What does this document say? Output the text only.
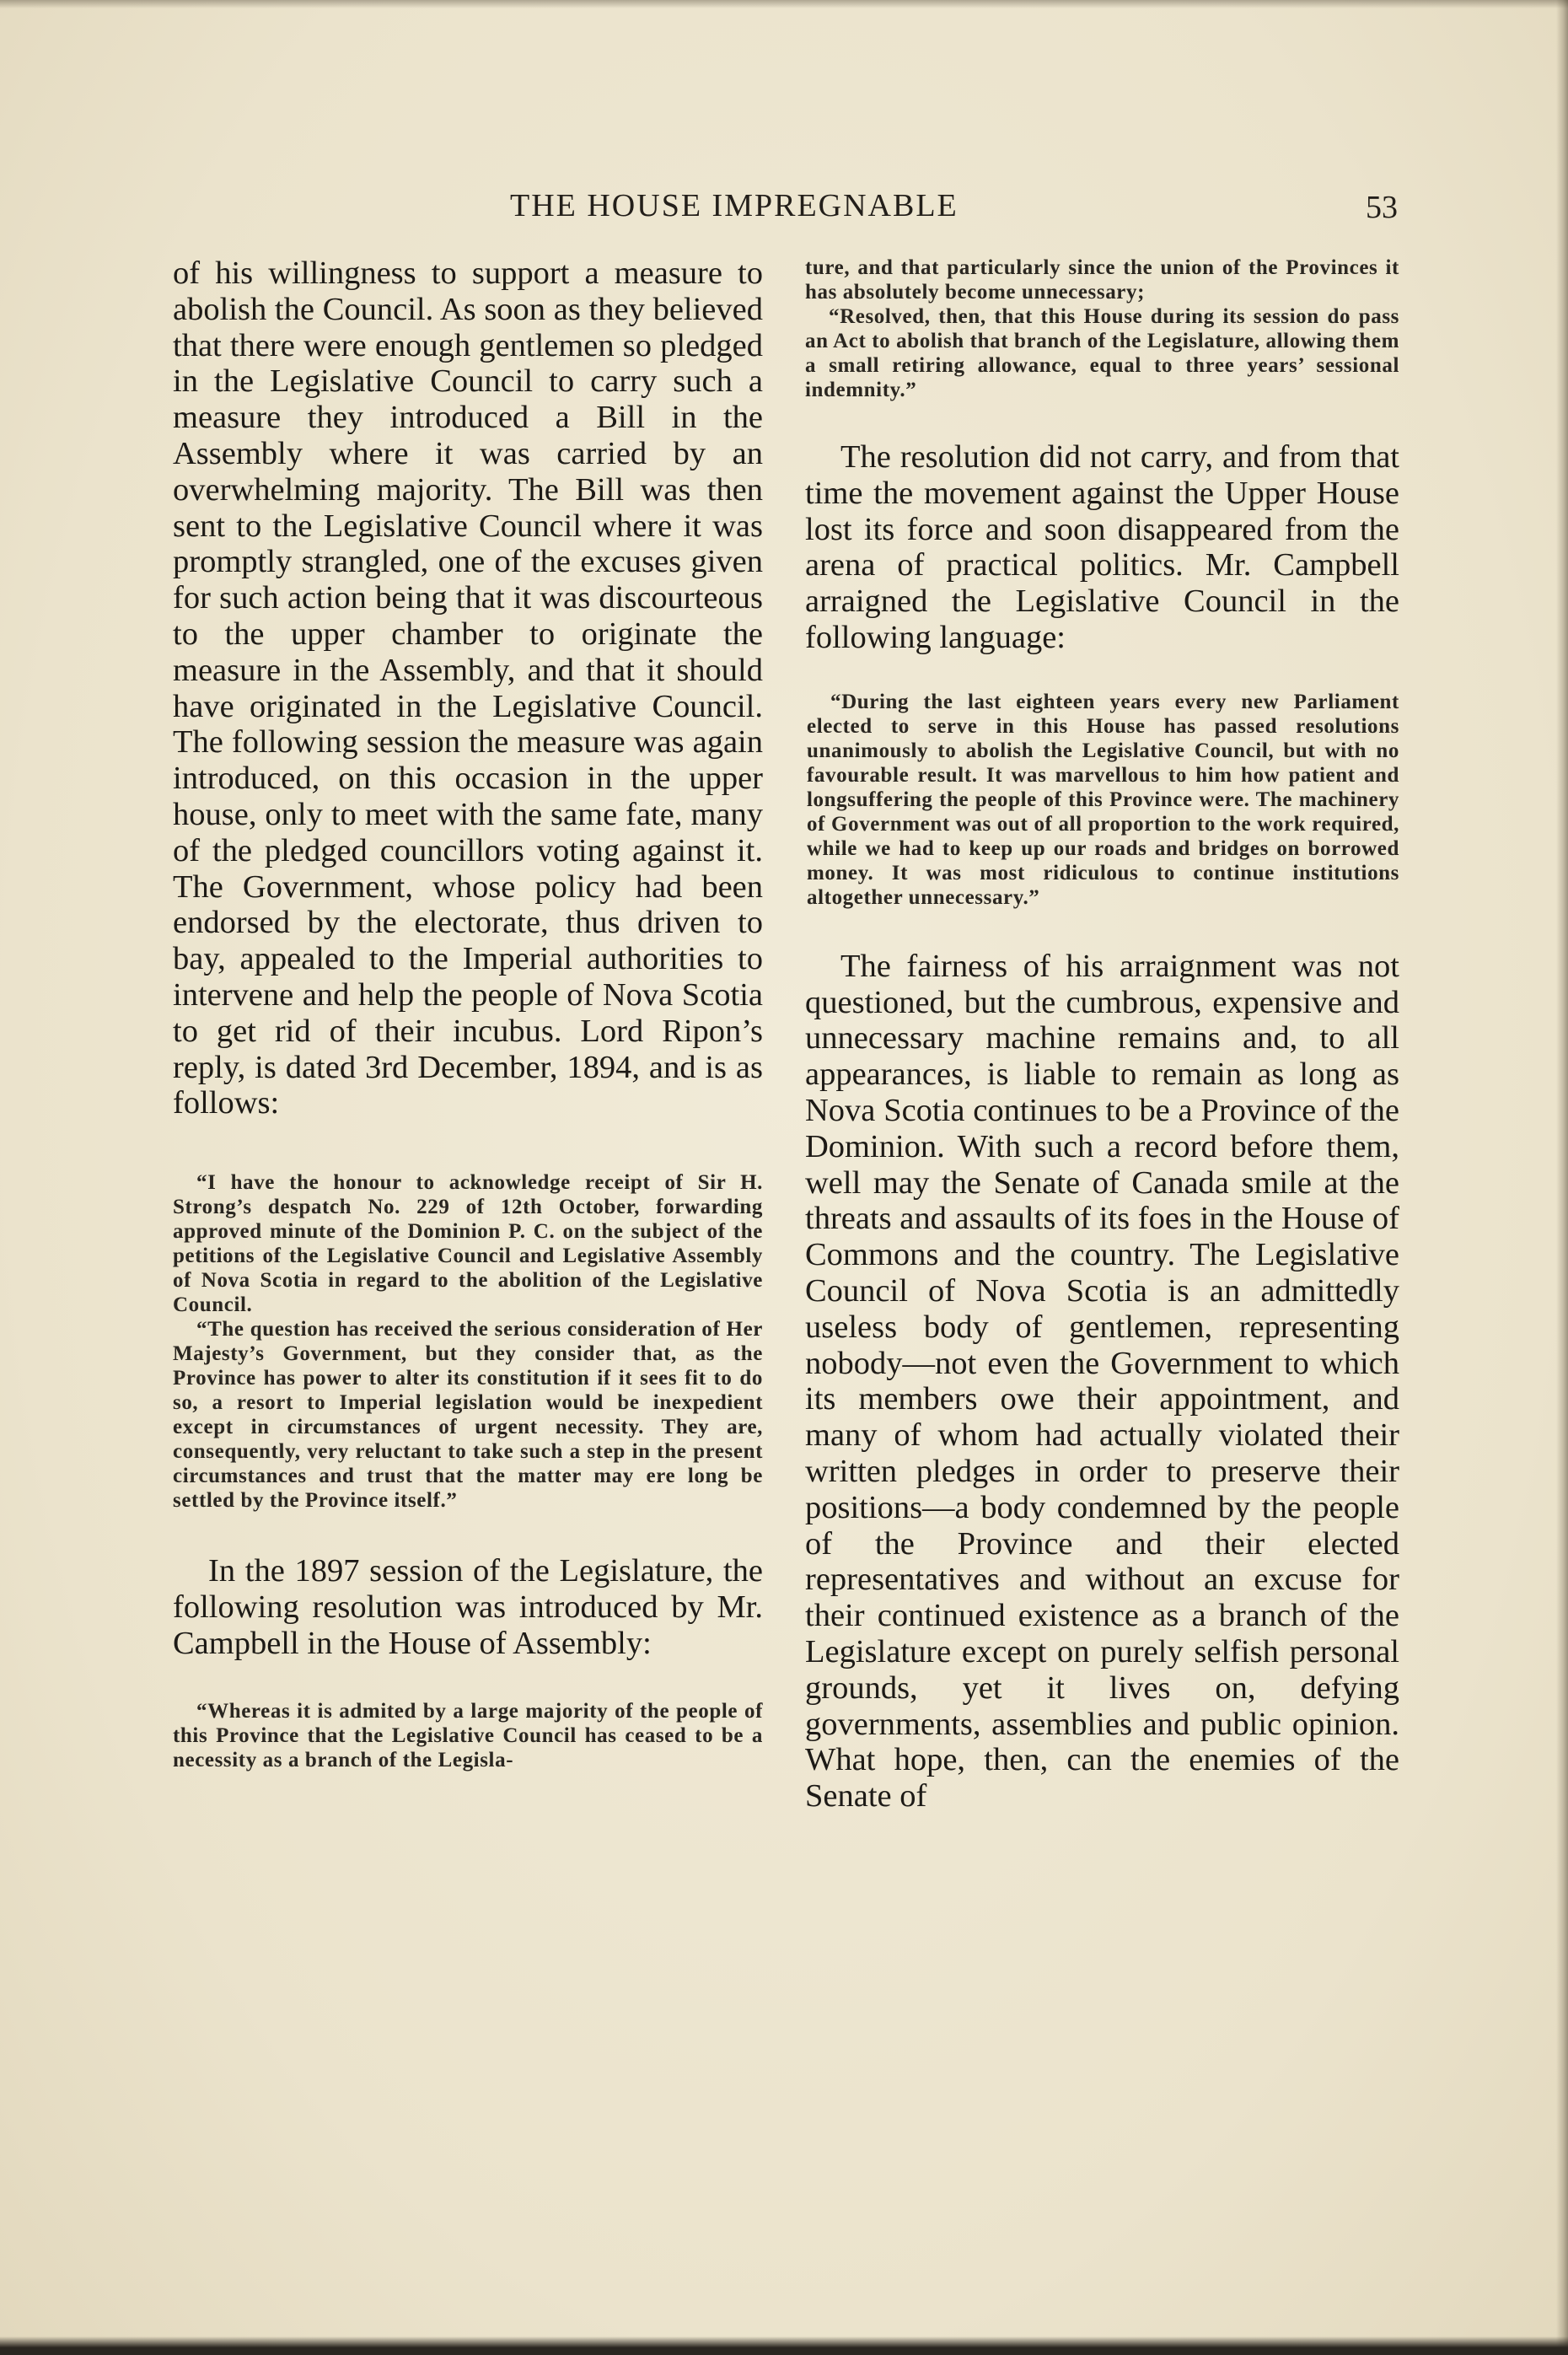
THE HOUSE IMPREGNABLE	53

of his willingness to support a measure to abolish the Council. As soon as they believed that there were enough gentlemen so pledged in the Legislative Council to carry such a measure they introduced a Bill in the Assembly where it was carried by an overwhelming majority. The Bill was then sent to the Legislative Council where it was promptly strangled, one of the excuses given for such action being that it was discourteous to the upper chamber to originate the measure in the Assembly, and that it should have originated in the Legislative Council. The following session the measure was again introduced, on this occasion in the upper house, only to meet with the same fate, many of the pledged councillors voting against it. The Government, whose policy had been endorsed by the electorate, thus driven to bay, appealed to the Imperial authorities to intervene and help the people of Nova Scotia to get rid of their incubus. Lord Ripon’s reply, is dated 3rd December, 1894, and is as follows:

“I have the honour to acknowledge receipt of Sir H. Strong’s despatch No. 229 of 12th October, forwarding approved minute of the Dominion P. C. on the subject of the petitions of the Legislative Council and Legislative Assembly of Nova Scotia in regard to the abolition of the Legislative Council.

“The question has received the serious consideration of Her Majesty’s Government, but they consider that, as the Province has power to alter its constitution if it sees fit to do so, a resort to Imperial legislation would be inexpedient except in circumstances of urgent necessity. They are, consequently, very reluctant to take such a step in the present circumstances and trust that the matter may ere long be settled by the Province itself.”

In the 1897 session of the Legislature, the following resolution was introduced by Mr. Campbell in the House of Assembly:

“Whereas it is admited by a large majority of the people of this Province that the Legislative Council has ceased to be a necessity as a branch of the Legisla-

ture, and that particularly since the union of the Provinces it has absolutely become unnecessary;

“Resolved, then, that this House during its session do pass an Act to abolish that branch of the Legislature, allowing them a small retiring allowance, equal to three years’ sessional indemnity.”

The resolution did not carry, and from that time the movement against the Upper House lost its force and soon disappeared from the arena of practical politics. Mr. Campbell arraigned the Legislative Council in the following language:

“During the last eighteen years every new Parliament elected to serve in this House has passed resolutions unanimously to abolish the Legislative Council, but with no favourable result. It was marvellous to him how patient and longsuffering the people of this Province were. The machinery of Government was out of all proportion to the work required, while we had to keep up our roads and bridges on borrowed money. It was most ridiculous to continue institutions altogether unnecessary.”

The fairness of his arraignment was not questioned, but the cumbrous, expensive and unnecessary machine remains and, to all appearances, is liable to remain as long as Nova Scotia continues to be a Province of the Dominion. With such a record before them, well may the Senate of Canada smile at the threats and assaults of its foes in the House of Commons and the country. The Legislative Council of Nova Scotia is an admittedly useless body of gentlemen, representing nobody—not even the Government to which its members owe their appointment, and many of whom had actually violated their written pledges in order to preserve their positions—a body condemned by the people of the Province and their elected representatives and without an excuse for their continued existence as a branch of the Legislature except on purely selfish personal grounds, yet it lives on, defying governments, assemblies and public opinion. What hope, then, can the enemies of the Senate of
